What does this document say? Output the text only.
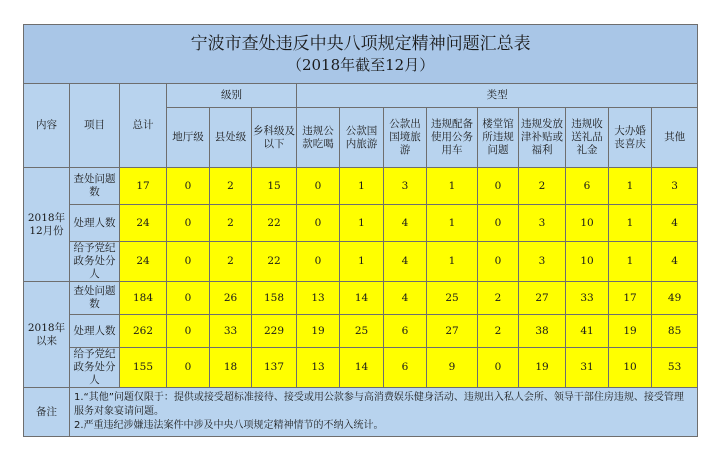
宁波市查处违反中央八项规定精神问题汇总表
（2018年截至12月）														

内容	项目	总计	级别			类型								
			地厅级	县处级	乡科级及以下	违规公款吃喝	公款国内旅游	公款出国境旅游	违规配备使用公务用车	楼堂馆所违规问题	违规发放津补贴或福利	违规收送礼品礼金	大办婚丧喜庆	其他
2018年12月份	查处问题数	17	0	2	15	0	1	3	1	0	2	6	1	3
	处理人数	24	0	2	22	0	1	4	1	0	3	10	1	4
	给予党纪政务处分人	24	0	2	22	0	1	4	1	0	3	10	1	4
2018年以来	查处问题数	184	0	26	158	13	14	4	25	2	27	33	17	49
	处理人数	262	0	33	229	19	25	6	27	2	38	41	19	85
	给予党纪政务处分人	155	0	18	137	13	14	6	9	0	19	31	10	53
备注	1.“其他”问题仅限于：提供或接受超标准接待、接受或用公款参与高消费娱乐健身活动、违规出入私人会所、领导干部住房违规、接受管理服务对象宴请问题。
2.严重违纪涉嫌违法案件中涉及中央八项规定精神情节的不纳入统计。													
